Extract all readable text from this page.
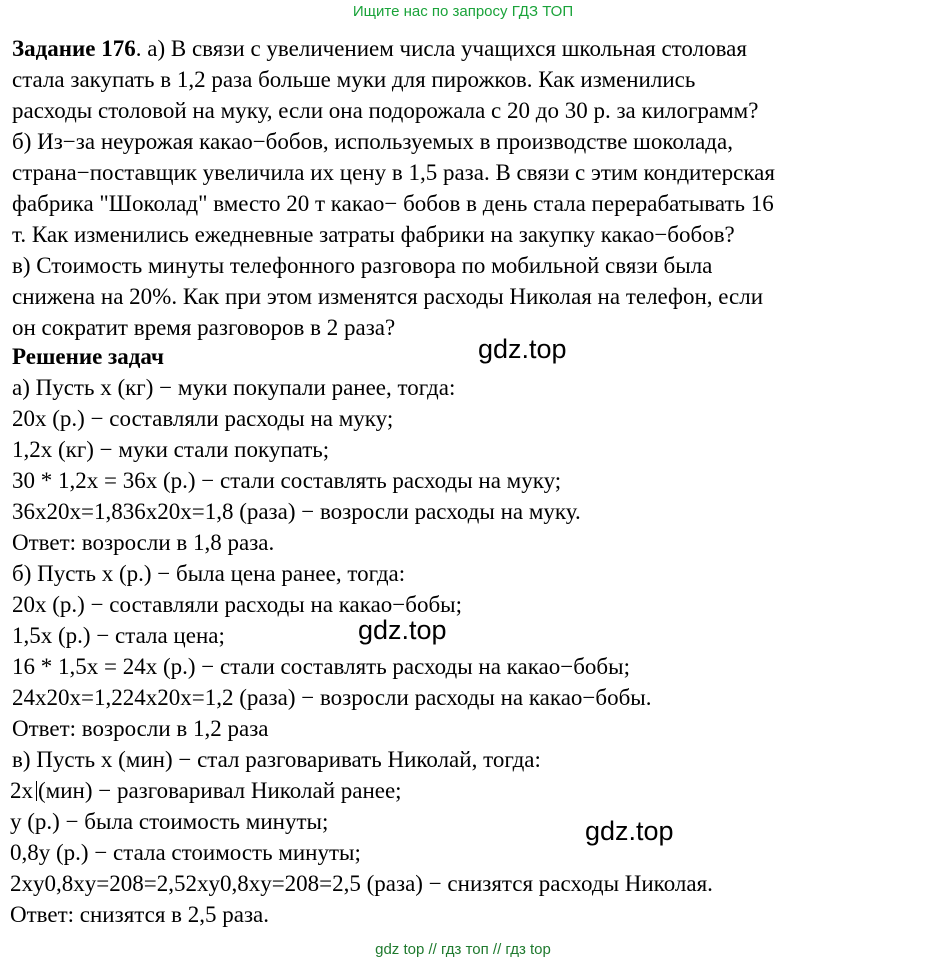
Ищите нас по запросу ГДЗ ТОП
Задание 176. а) В связи с увеличением числа учащихся школьная столовая
стала закупать в 1,2 раза больше муки для пирожков. Как изменились
расходы столовой на муку, если она подорожала с 20 до 30 р. за килограмм?
б) Из−за неурожая какао−бобов, используемых в производстве шоколада,
страна−поставщик увеличила их цену в 1,5 раза. В связи с этим кондитерская
фабрика "Шоколад" вместо 20 т какао− бобов в день стала перерабатывать 16
т. Как изменились ежедневные затраты фабрики на закупку какао−бобов?
в) Стоимость минуты телефонного разговора по мобильной связи была
снижена на 20%. Как при этом изменятся расходы Николая на телефон, если
он сократит время разговоров в 2 раза?
Решение задач
а) Пусть x (кг) − муки покупали ранее, тогда:
20x (р.) − составляли расходы на муку;
1,2x (кг) − муки стали покупать;
30 * 1,2x = 36x (р.) − стали составлять расходы на муку;
36x20x=1,836x20x=1,8 (раза) − возросли расходы на муку.
Ответ: возросли в 1,8 раза.
б) Пусть x (р.) − была цена ранее, тогда:
20x (р.) − составляли расходы на какао−бобы;
1,5x (р.) − стала цена;
16 * 1,5x = 24x (р.) − стали составлять расходы на какао−бобы;
24x20x=1,224x20x=1,2 (раза) − возросли расходы на какао−бобы.
Ответ: возросли в 1,2 раза
в) Пусть x (мин) − стал разговаривать Николай, тогда:
2x (мин) − разговаривал Николай ранее;
y (р.) − была стоимость минуты;
0,8y (р.) − стала стоимость минуты;
2xy0,8xy=208=2,52xy0,8xy=208=2,5 (раза) − снизятся расходы Николая.
Ответ: снизятся в 2,5 раза.
gdz.top
gdz.top
gdz.top
gdz top // гдз топ // гдз top
